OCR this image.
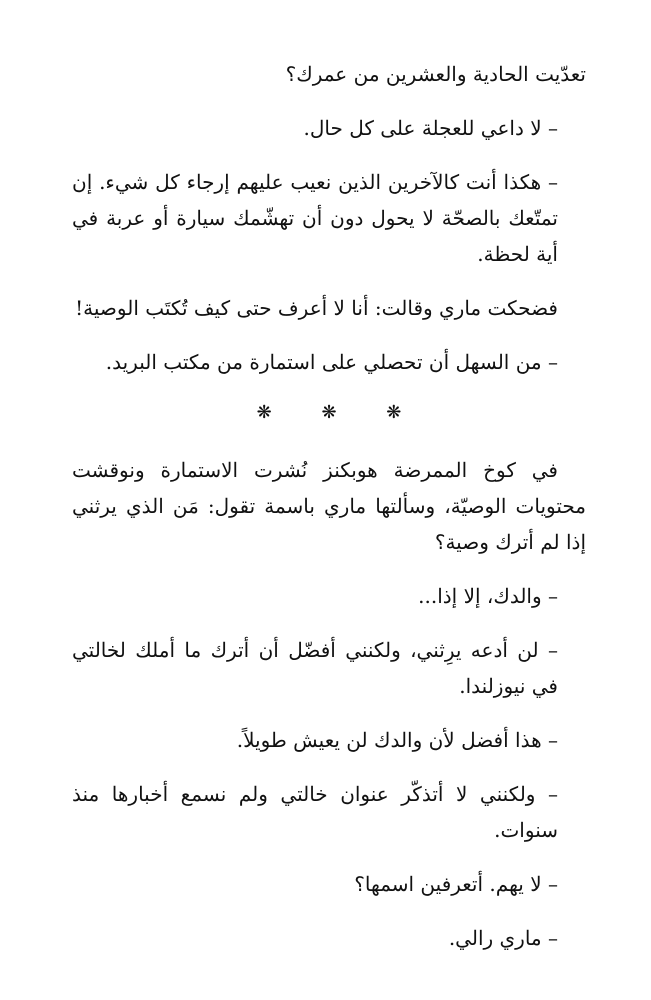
تعدّيت الحادية والعشرين من عمرك؟

– لا داعي للعجلة على كل حال.

– هكذا أنت كالآخرين الذين نعيب عليهم إرجاء كل شيء. إن تمتّعك بالصحّة لا يحول دون أن تهشّمك سيارة أو عربة في أية لحظة.

فضحكت ماري وقالت: أنا لا أعرف حتى كيف تُكتَب الوصية!

– من السهل أن تحصلي على استمارة من مكتب البريد.

❋ ❋ ❋

في كوخ الممرضة هوبكنز نُشرت الاستمارة ونوقشت محتويات الوصيّة، وسألتها ماري باسمة تقول: مَن الذي يرثني إذا لم أترك وصية؟

– والدك، إلا إذا...

– لن أدعه يرِثني، ولكنني أفضّل أن أترك ما أملك لخالتي في نيوزلندا.

– هذا أفضل لأن والدك لن يعيش طويلاً.

– ولكنني لا أتذكّر عنوان خالتي ولم نسمع أخبارها منذ سنوات.

– لا يهم. أتعرفين اسمها؟

– ماري رالي.
